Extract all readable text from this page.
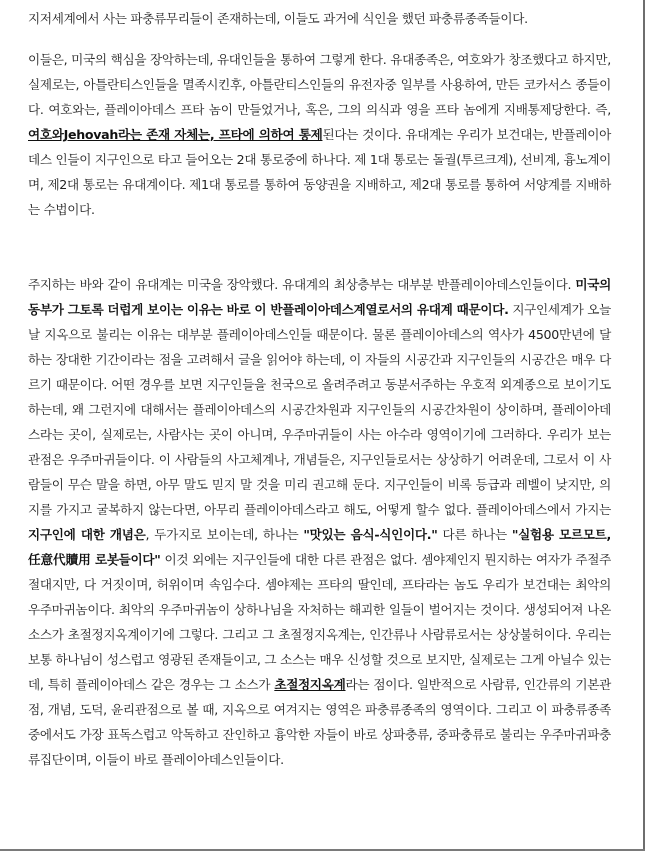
지저세계에서 사는 파충류무리들이 존재하는데, 이들도 과거에 식인을 했던 파충류종족들이다.

이들은, 미국의 핵심을 장악하는데, 유대인들을 통하여 그렇게 한다. 유대종족은, 여호와가 창조했다고 하지만, 실제로는, 아틀란티스인들을 멸족시킨후, 아틀란티스인들의 유전자중 일부를 사용하여, 만든 코카서스 종들이다. 여호와는, 플레이아데스 프타 놈이 만들었거나, 혹은, 그의 의식과 영을 프타 놈에게 지배통제당한다. 즉, 여호와Jehovah라는 존재 자체는, 프타에 의하여 통제된다는 것이다. 유대계는 우리가 보건대는, 반플레이아데스 인들이 지구인으로 타고 들어오는 2대 통로중에 하나다. 제 1대 통로는 돌궐(투르크계), 선비계, 흉노계이며, 제2대 통로는 유대계이다. 제1대 통로를 통하여 동양권을 지배하고, 제2대 통로를 통하여 서양계를 지배하는 수법이다.

주지하는 바와 같이 유대계는 미국을 장악했다. 유대계의 최상층부는 대부분 반플레이아데스인들이다. 미국의 동부가 그토록 더럽게 보이는 이유는 바로 이 반플레이아데스계열로서의 유대계 때문이다. 지구인세계가 오늘날 지옥으로 불리는 이유는 대부분 플레이아데스인들 때문이다. 물론 플레이아데스의 역사가 4500만년에 달하는 장대한 기간이라는 점을 고려해서 글을 읽어야 하는데, 이 자들의 시공간과 지구인들의 시공간은 매우 다르기 때문이다. 어떤 경우를 보면 지구인들을 천국으로 올려주려고 동분서주하는 우호적 외계종으로 보이기도 하는데, 왜 그런지에 대해서는 플레이아데스의 시공간차원과 지구인들의 시공간차원이 상이하며, 플레이아데스라는 곳이, 실제로는, 사람사는 곳이 아니며, 우주마귀들이 사는 아수라 영역이기에 그러하다. 우리가 보는 관점은 우주마귀들이다. 이 사람들의 사고체계나, 개념들은, 지구인들로서는 상상하기 어려운데, 그로서 이 사람들이 무슨 말을 하면, 아무 말도 믿지 말 것을 미리 권고해 둔다. 지구인들이 비록 등급과 레벨이 낮지만, 의지를 가지고 굴복하지 않는다면, 아무리 플레이아데스라고 해도, 어떻게 할수 없다. 플레이아데스에서 가지는 지구인에 대한 개념은, 두가지로 보이는데, 하나는 "맛있는 음식-식인이다." 다른 하나는 "실험용 모르모트, 任意代贖用 로봇들이다" 이것 외에는 지구인들에 대한 다른 관점은 없다. 셈야제인지 뭔지하는 여자가 주절주절대지만, 다 거짓이며, 허위이며 속임수다. 셈야제는 프타의 딸인데, 프타라는 놈도 우리가 보건대는 최악의 우주마귀놈이다. 최악의 우주마귀놈이 상하나님을 자처하는 해괴한 일들이 벌어지는 것이다. 생성되어져 나온 소스가 초절정지옥계이기에 그렇다. 그리고 그 초절정지옥계는, 인간류나 사람류로서는 상상불허이다. 우리는 보통 하나님이 성스럽고 영광된 존재들이고, 그 소스는 매우 신성할 것으로 보지만, 실제로는 그게 아닐수 있는데, 특히 플레이아데스 같은 경우는 그 소스가 초절정지옥계라는 점이다. 일반적으로 사람류, 인간류의 기본관점, 개념, 도덕, 윤리관점으로 볼 때, 지옥으로 여겨지는 영역은 파충류종족의 영역이다. 그리고 이 파충류종족중에서도 가장 표독스럽고 악독하고 잔인하고 흉악한 자들이 바로 상파충류, 중파충류로 불리는 우주마귀파충류집단이며, 이들이 바로 플레이아데스인들이다.
